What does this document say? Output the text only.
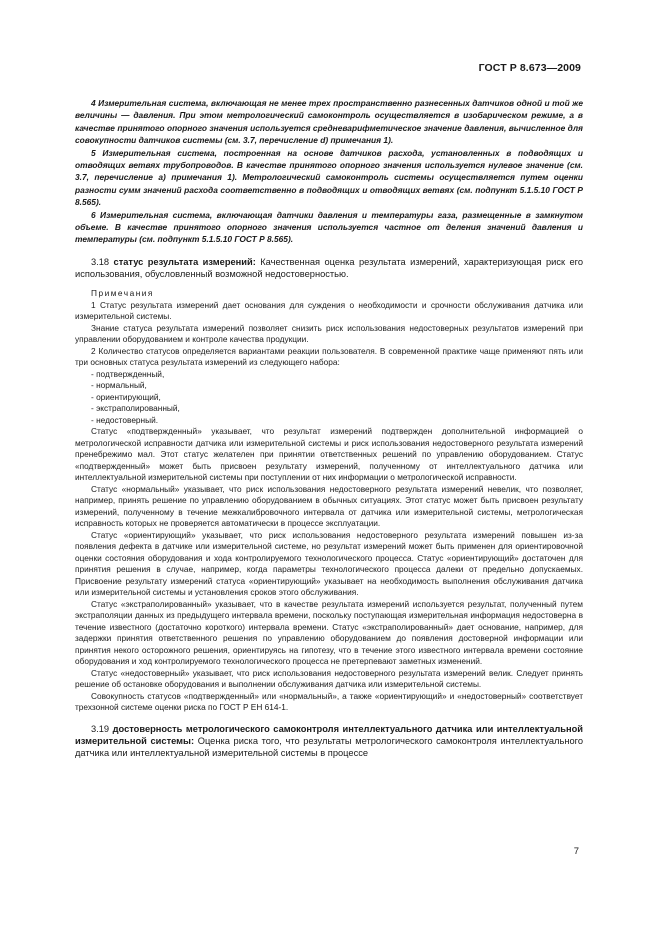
ГОСТ Р 8.673—2009

4 Измерительная система, включающая не менее трех пространственно разнесенных датчиков одной и той же величины — давления. При этом метрологический самоконтроль осуществляется в изобарическом режиме, а в качестве принятого опорного значения используется средневарифметическое значение давления, вычисленное для совокупности датчиков системы (см. 3.7, перечисление d) примечания 1).

5 Измерительная система, построенная на основе датчиков расхода, установленных в подводящих и отводящих ветвях трубопроводов. В качестве принятого опорного значения используется нулевое значение (см. 3.7, перечисление а) примечания 1). Метрологический самоконтроль системы осуществляется путем оценки разности сумм значений расхода соответственно в подводящих и отводящих ветвях (см. подпункт 5.1.5.10 ГОСТ Р 8.565).

6 Измерительная система, включающая датчики давления и температуры газа, размещенные в замкнутом объеме. В качестве принятого опорного значения используется частное от деления значений давления и температуры (см. подпункт 5.1.5.10 ГОСТ Р 8.565).

3.18 статус результата измерений: Качественная оценка результата измерений, характеризующая риск его использования, обусловленный возможной недостоверностью.

Примечания

1 Статус результата измерений дает основания для суждения о необходимости и срочности обслуживания датчика или измерительной системы.

Знание статуса результата измерений позволяет снизить риск использования недостоверных результатов измерений при управлении оборудованием и контроле качества продукции.

2 Количество статусов определяется вариантами реакции пользователя. В современной практике чаще применяют пять или три основных статуса результата измерений из следующего набора:

- подтвержденный,
- нормальный,
- ориентирующий,
- экстраполированный,
- недостоверный.

Статус «подтвержденный» указывает, что результат измерений подтвержден дополнительной информацией о метрологической исправности датчика или измерительной системы и риск использования недостоверного результата измерений пренебрежимо мал. Этот статус желателен при принятии ответственных решений по управлению оборудованием. Статус «подтвержденный» может быть присвоен результату измерений, полученному от интеллектуального датчика или интеллектуальной измерительной системы при поступлении от них информации о метрологической исправности.

Статус «нормальный» указывает, что риск использования недостоверного результата измерений невелик, что позволяет, например, принять решение по управлению оборудованием в обычных ситуациях. Этот статус может быть присвоен результату измерений, полученному в течение межкалибровочного интервала от датчика или измерительной системы, метрологическая исправность которых не проверяется автоматически в процессе эксплуатации.

Статус «ориентирующий» указывает, что риск использования недостоверного результата измерений повышен из-за появления дефекта в датчике или измерительной системе, но результат измерений может быть применен для ориентировочной оценки состояния оборудования и хода контролируемого технологического процесса. Статус «ориентирующий» достаточен для принятия решения в случае, например, когда параметры технологического процесса далеки от предельно допускаемых. Присвоение результату измерений статуса «ориентирующий» указывает на необходимость выполнения обслуживания датчика или измерительной системы и установления сроков этого обслуживания.

Статус «экстраполированный» указывает, что в качестве результата измерений используется результат, полученный путем экстраполяции данных из предыдущего интервала времени, поскольку поступающая измерительная информация недостоверна в течение известного (достаточно короткого) интервала времени. Статус «экстраполированный» дает основание, например, для задержки принятия ответственного решения по управлению оборудованием до появления достоверной информации или принятия некого осторожного решения, ориентируясь на гипотезу, что в течение этого известного интервала времени состояние оборудования и ход контролируемого технологического процесса не претерпевают заметных изменений.

Статус «недостоверный» указывает, что риск использования недостоверного результата измерений велик. Следует принять решение об остановке оборудования и выполнении обслуживания датчика или измерительной системы.

Совокупность статусов «подтвержденный» или «нормальный», а также «ориентирующий» и «недостоверный» соответствует трехзонной системе оценки риска по ГОСТ Р ЕН 614-1.

3.19 достоверность метрологического самоконтроля интеллектуального датчика или интеллектуальной измерительной системы: Оценка риска того, что результаты метрологического самоконтроля интеллектуального датчика или интеллектуальной измерительной системы в процессе

7
